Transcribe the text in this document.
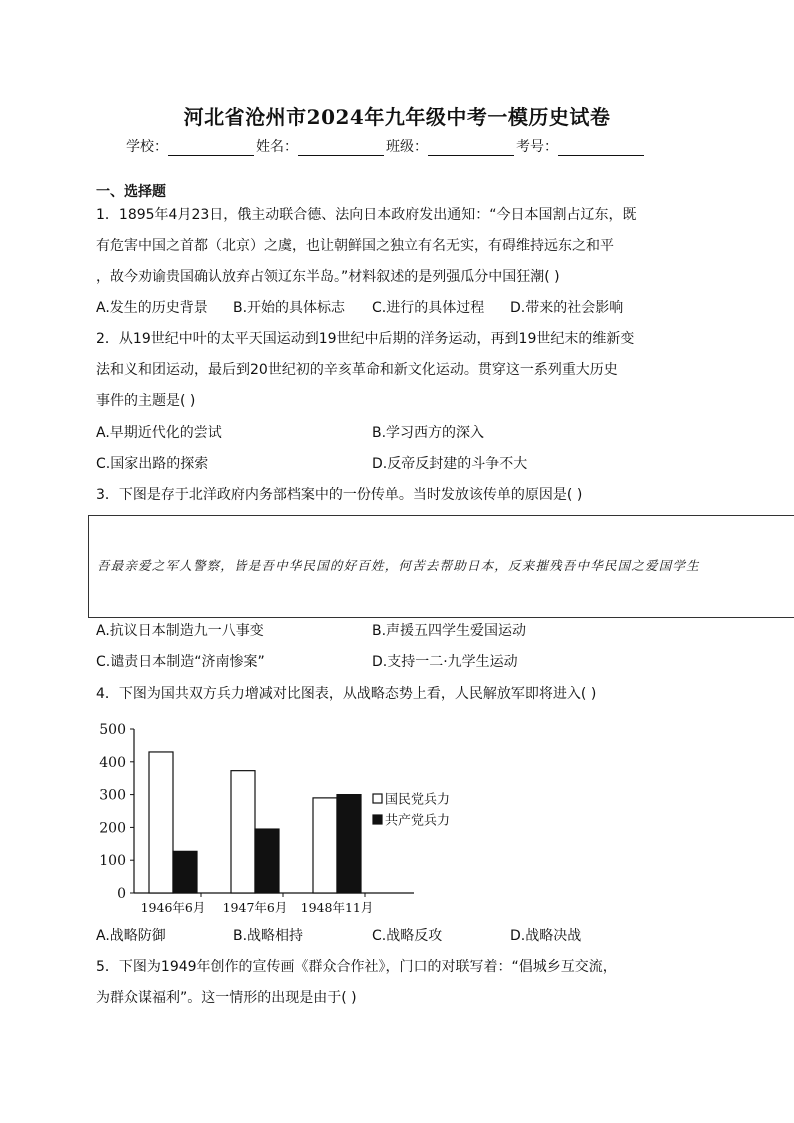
河北省沧州市2024年九年级中考一模历史试卷
学校：	姓名：	班级：	考号：
一、选择题
1．1895年4月23日，俄主动联合德、法向日本政府发出通知：“今日本国割占辽东，既
有危害中国之首都（北京）之虞，也让朝鲜国之独立有名无实，有碍维持远东之和平
，故今劝谕贵国确认放弃占领辽东半岛。”材料叙述的是列强瓜分中国狂潮( )
A.发生的历史背景 B.开始的具体标志 C.进行的具体过程 D.带来的社会影响
2．从19世纪中叶的太平天国运动到19世纪中后期的洋务运动，再到19世纪末的维新变
法和义和团运动，最后到20世纪初的辛亥革命和新文化运动。贯穿这一系列重大历史
事件的主题是( )
A.早期近代化的尝试	B.学习西方的深入
C.国家出路的探索	D.反帝反封建的斗争不大
3．下图是存于北洋政府内务部档案中的一份传单。当时发放该传单的原因是( )
吾最亲爱之军人警察，皆是吾中华民国的好百姓，何苦去帮助日本，反来摧残吾中华民国之爱国学生
A.抗议日本制造九一八事变	B.声援五四学生爱国运动
C.谴责日本制造“济南惨案”	D.支持一二·九学生运动
4．下图为国共双方兵力增减对比图表，从战略态势上看，人民解放军即将进入( )
0
100
200
300
400
500
1946年6月 1947年6月 1948年11月
国民党兵力
共产党兵力
A.战略防御	B.战略相持	C.战略反攻	D.战略决战
5．下图为1949年创作的宣传画《群众合作社》，门口的对联写着：“倡城乡互交流，
为群众谋福利”。这一情形的出现是由于( )
